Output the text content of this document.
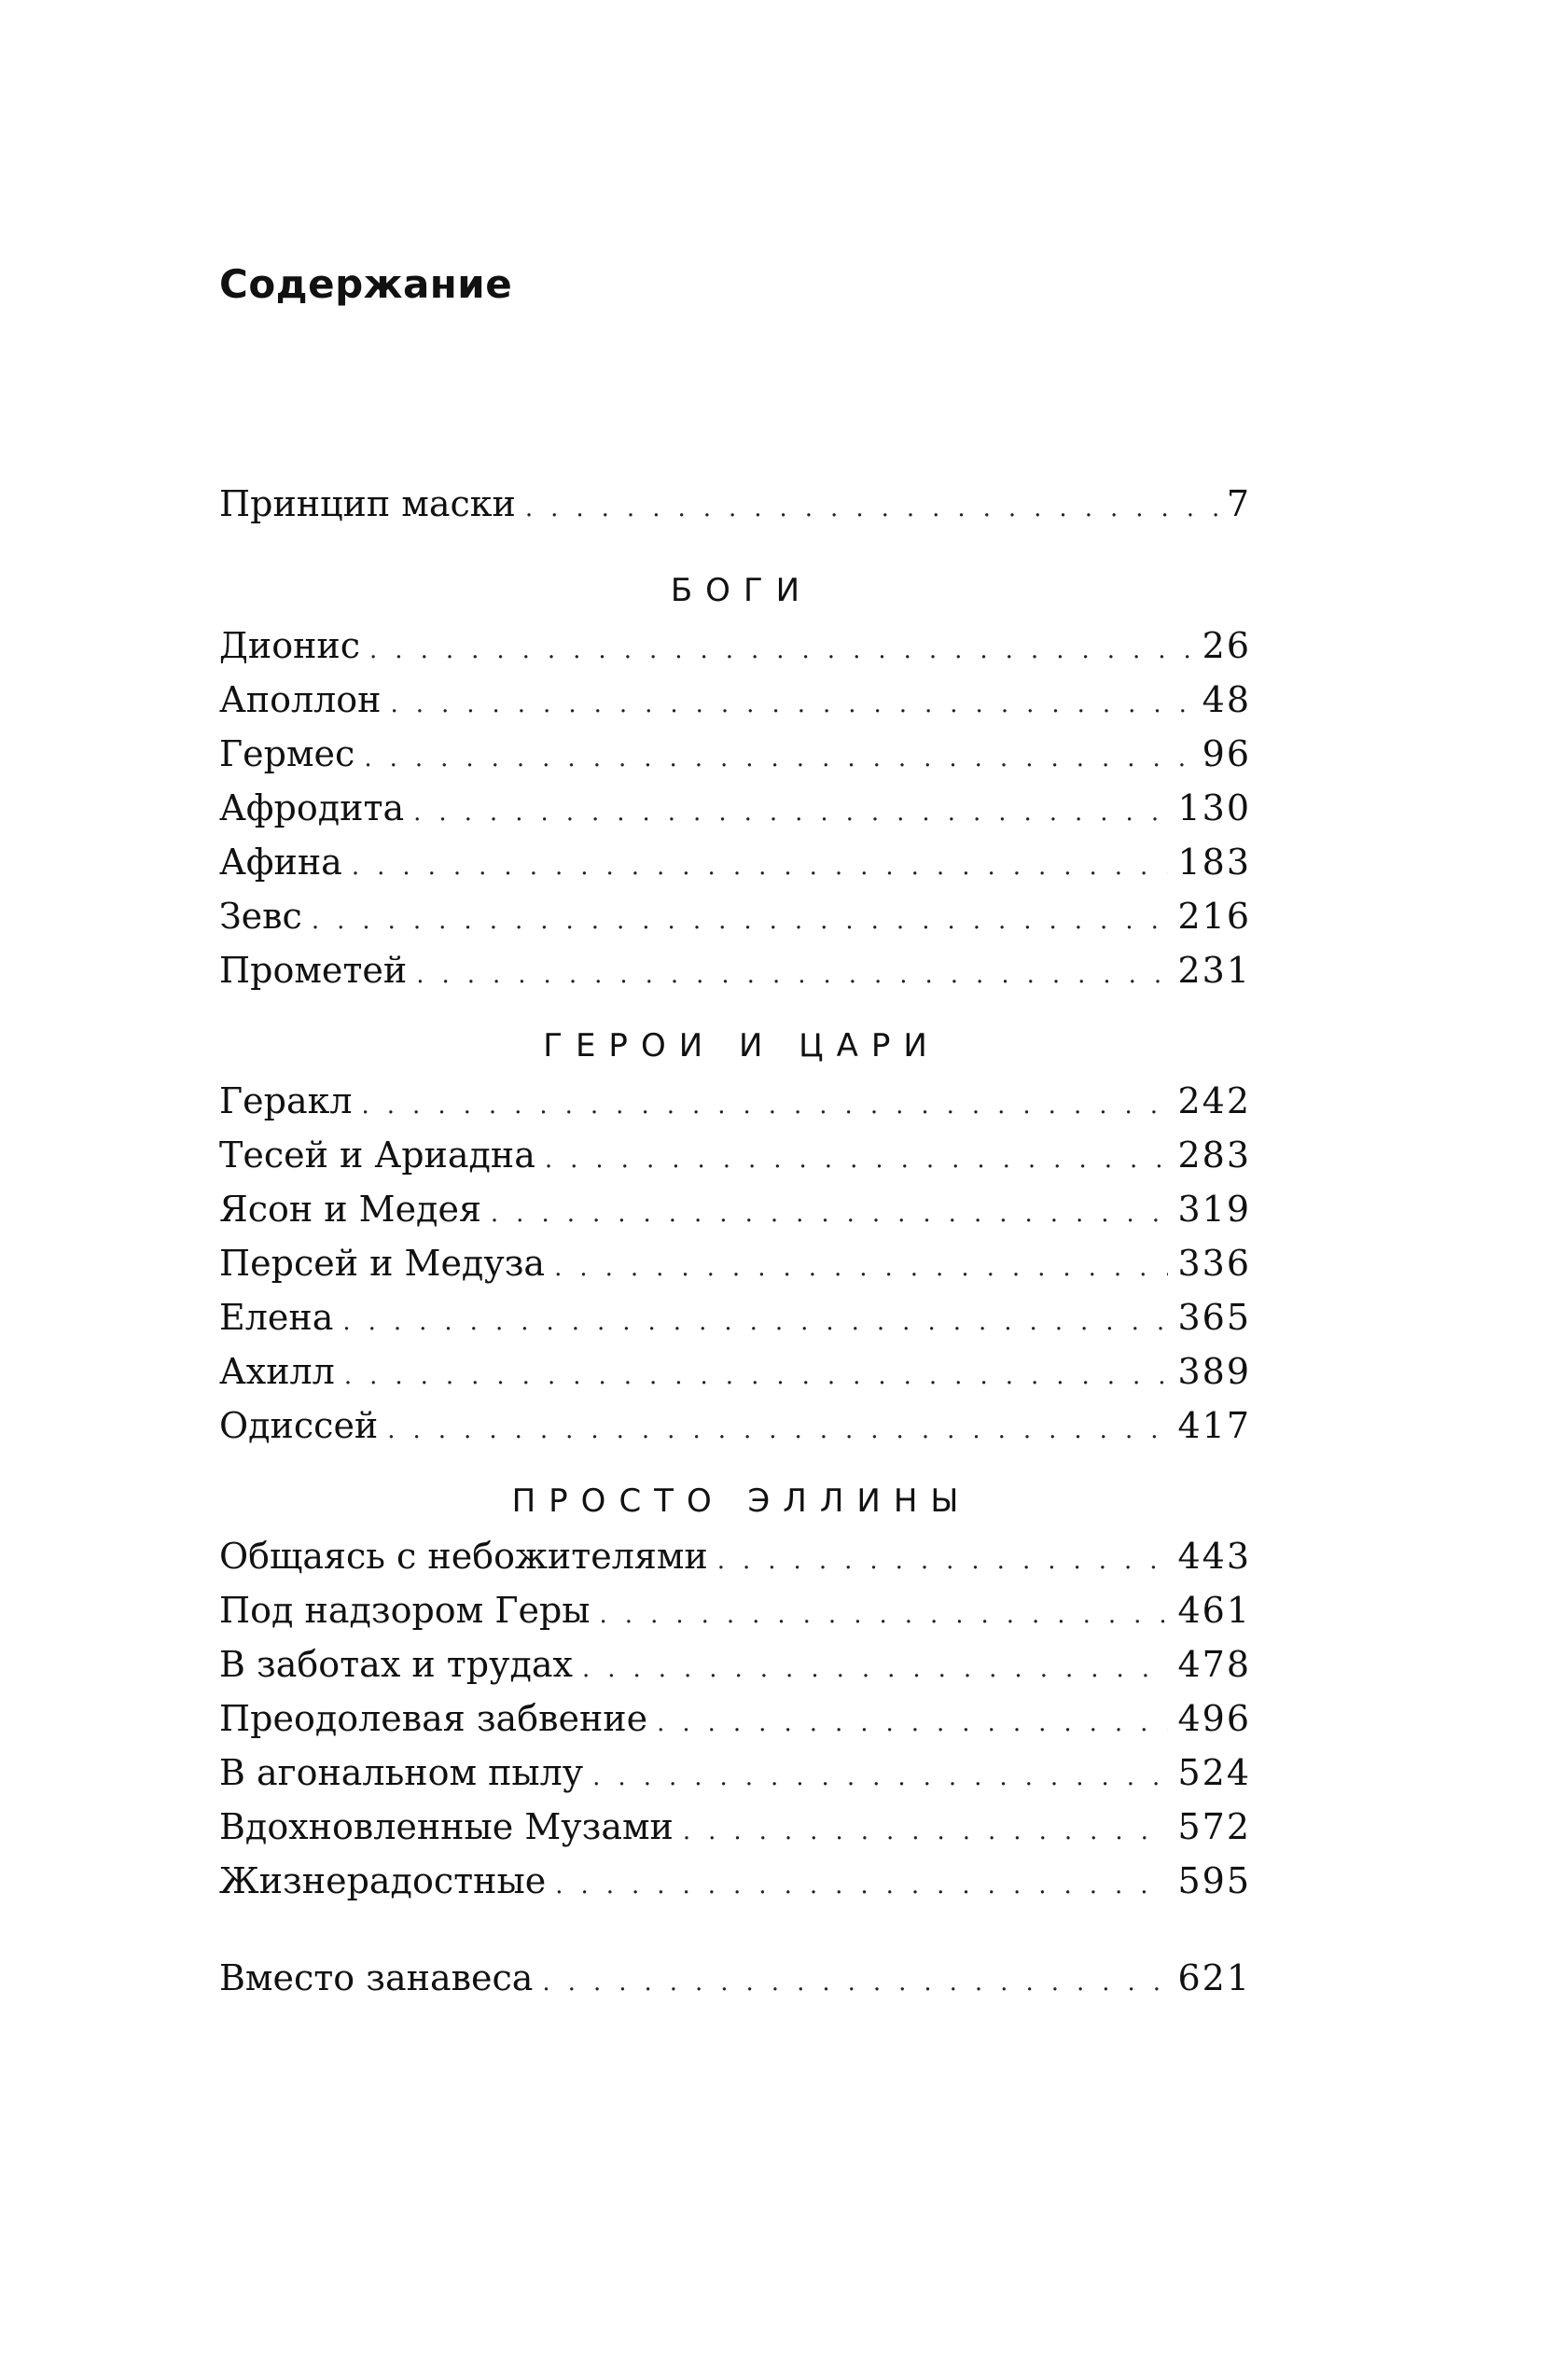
Содержание
Принцип маски .....	7
БОГИ
Дионис .....	26
Аполлон .....	48
Гермес .....	96
Афродита .....	130
Афина .....	183
Зевс .....	216
Прометей .....	231
ГЕРОИ И ЦАРИ
Геракл .....	242
Тесей и Ариадна .....	283
Ясон и Медея .....	319
Персей и Медуза .....	336
Елена .....	365
Ахилл .....	389
Одиссей .....	417
ПРОСТО ЭЛЛИНЫ
Общаясь с небожителями .....	443
Под надзором Геры .....	461
В заботах и трудах .....	478
Преодолевая забвение .....	496
В агональном пылу .....	524
Вдохновленные Музами .....	572
Жизнерадостные .....	595
Вместо занавеса .....	621
